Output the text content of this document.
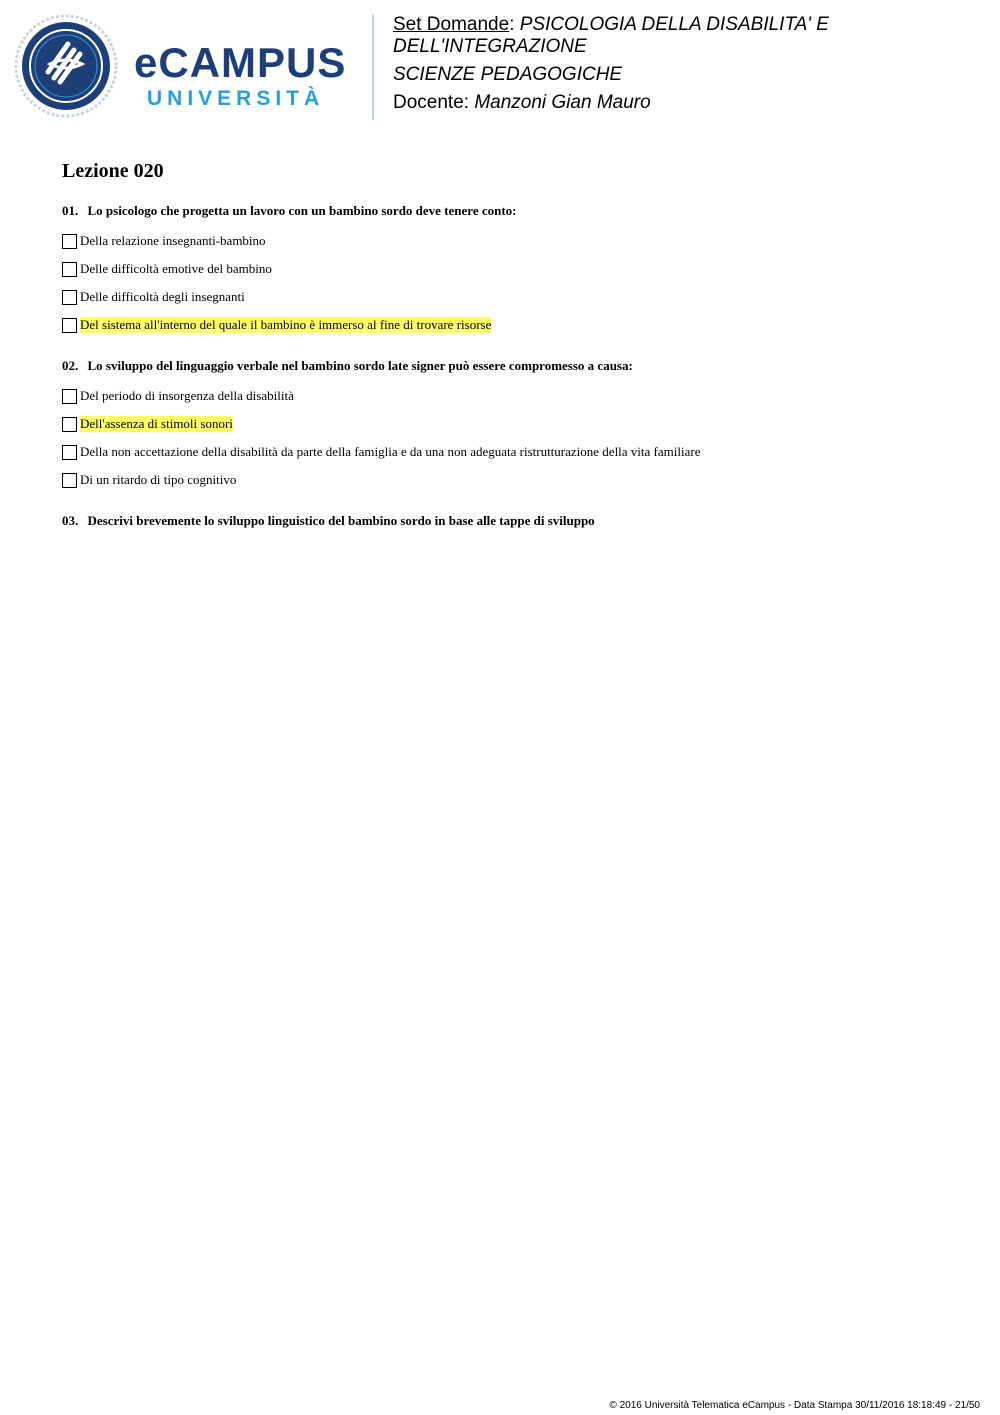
eCAMPUS
UNIVERSITÀ
Set Domande: PSICOLOGIA DELLA DISABILITA' E
DELL'INTEGRAZIONE
SCIENZE PEDAGOGICHE
Docente: Manzoni Gian Mauro
Lezione 020
01. Lo psicologo che progetta un lavoro con un bambino sordo deve tenere conto:
Della relazione insegnanti-bambino
Delle difficoltà emotive del bambino
Delle difficoltà degli insegnanti
Del sistema all'interno del quale il bambino è immerso al fine di trovare risorse
02. Lo sviluppo del linguaggio verbale nel bambino sordo late signer può essere compromesso a causa:
Del periodo di insorgenza della disabilità
Dell'assenza di stimoli sonori
Della non accettazione della disabilità da parte della famiglia e da una non adeguata ristrutturazione della vita familiare
Di un ritardo di tipo cognitivo
03. Descrivi brevemente lo sviluppo linguistico del bambino sordo in base alle tappe di sviluppo
© 2016 Università Telematica eCampus - Data Stampa 30/11/2016 18:18:49 - 21/50
